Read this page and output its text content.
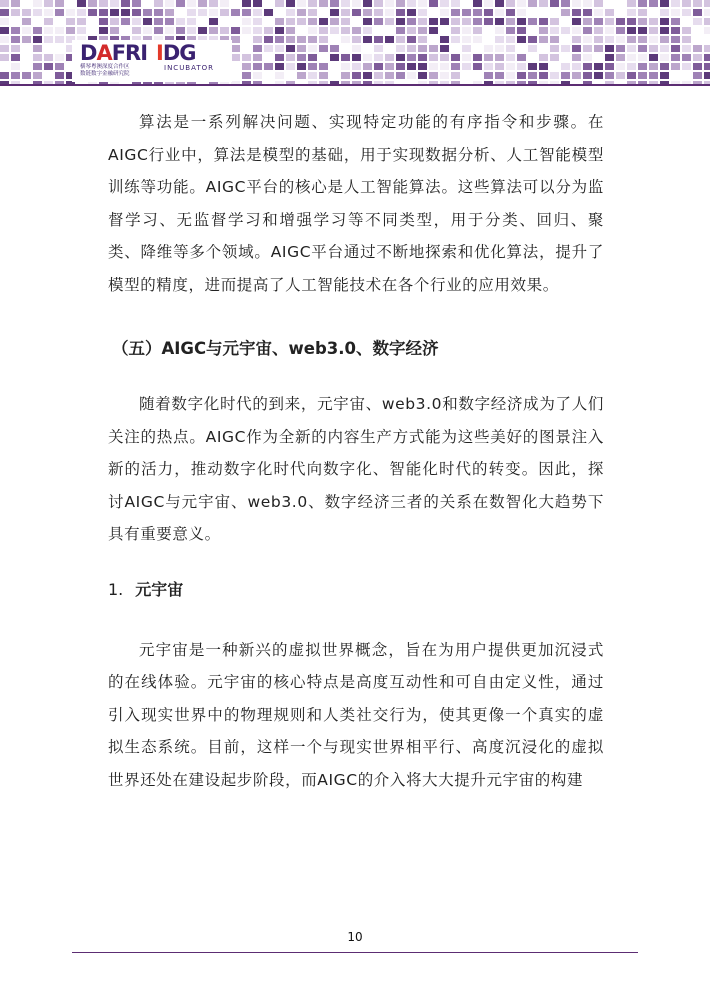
DAFRI
横琴粤澳深度合作区
数链数字金融研究院
IDG
INCUBATOR

算法是一系列解决问题、实现特定功能的有序指令和步骤。在AIGC行业中，算法是模型的基础，用于实现数据分析、人工智能模型训练等功能。AIGC平台的核心是人工智能算法。这些算法可以分为监督学习、无监督学习和增强学习等不同类型，用于分类、回归、聚类、降维等多个领域。AIGC平台通过不断地探索和优化算法，提升了模型的精度，进而提高了人工智能技术在各个行业的应用效果。

（五）AIGC与元宇宙、web3.0、数字经济

随着数字化时代的到来，元宇宙、web3.0和数字经济成为了人们关注的热点。AIGC作为全新的内容生产方式能为这些美好的图景注入新的活力，推动数字化时代向数字化、智能化时代的转变。因此，探讨AIGC与元宇宙、web3.0、数字经济三者的关系在数智化大趋势下具有重要意义。

1. 元宇宙

元宇宙是一种新兴的虚拟世界概念，旨在为用户提供更加沉浸式的在线体验。元宇宙的核心特点是高度互动性和可自由定义性，通过引入现实世界中的物理规则和人类社交行为，使其更像一个真实的虚拟生态系统。目前，这样一个与现实世界相平行、高度沉浸化的虚拟世界还处在建设起步阶段，而AIGC的介入将大大提升元宇宙的构建

10
